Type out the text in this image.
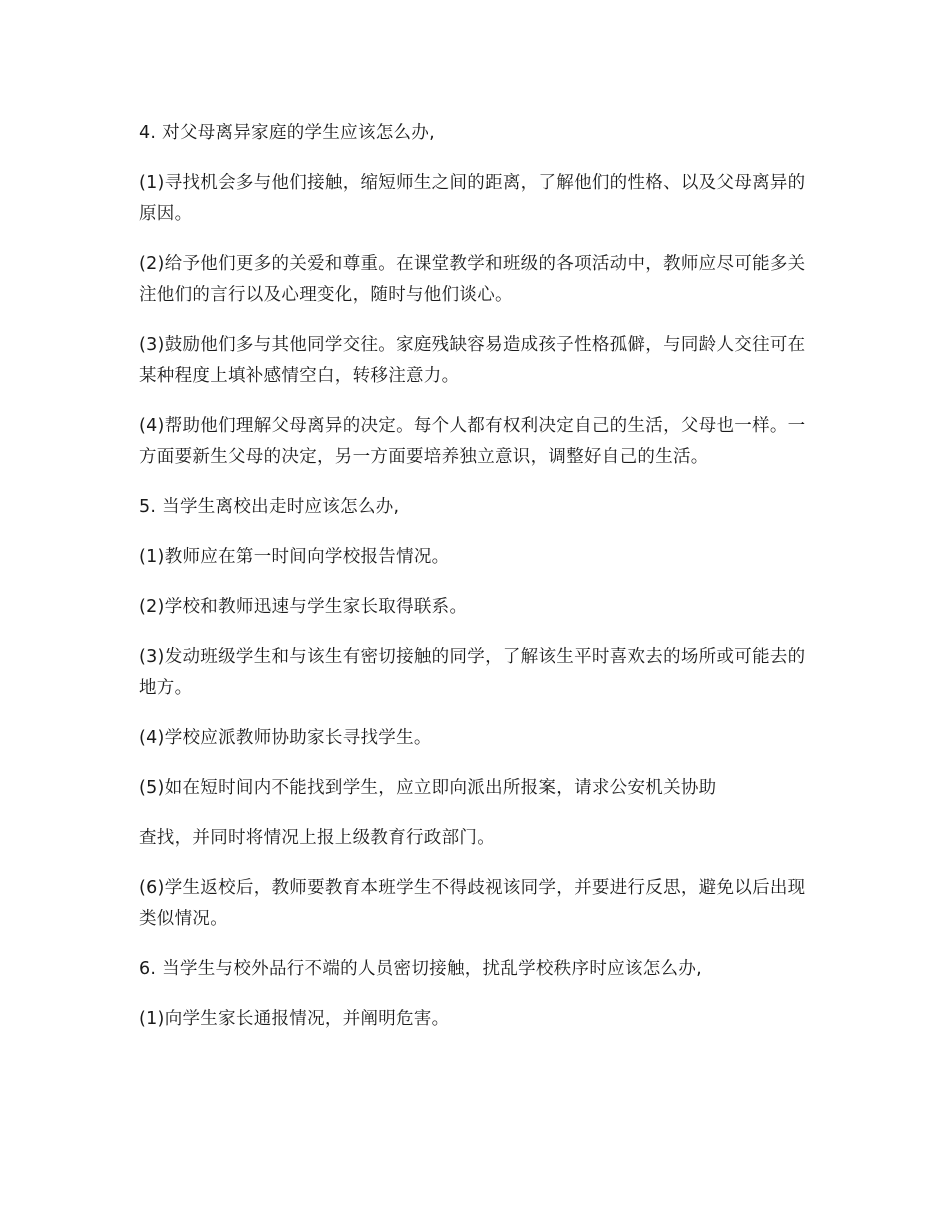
4. 对父母离异家庭的学生应该怎么办,

(1)寻找机会多与他们接触，缩短师生之间的距离，了解他们的性格、以及父母离异的原因。

(2)给予他们更多的关爱和尊重。在课堂教学和班级的各项活动中，教师应尽可能多关注他们的言行以及心理变化，随时与他们谈心。

(3)鼓励他们多与其他同学交往。家庭残缺容易造成孩子性格孤僻，与同龄人交往可在某种程度上填补感情空白，转移注意力。

(4)帮助他们理解父母离异的决定。每个人都有权利决定自己的生活，父母也一样。一方面要新生父母的决定，另一方面要培养独立意识，调整好自己的生活。

5. 当学生离校出走时应该怎么办,

(1)教师应在第一时间向学校报告情况。

(2)学校和教师迅速与学生家长取得联系。

(3)发动班级学生和与该生有密切接触的同学，了解该生平时喜欢去的场所或可能去的地方。

(4)学校应派教师协助家长寻找学生。

(5)如在短时间内不能找到学生，应立即向派出所报案，请求公安机关协助

查找，并同时将情况上报上级教育行政部门。

(6)学生返校后，教师要教育本班学生不得歧视该同学，并要进行反思，避免以后出现类似情况。

6. 当学生与校外品行不端的人员密切接触，扰乱学校秩序时应该怎么办,

(1)向学生家长通报情况，并阐明危害。
